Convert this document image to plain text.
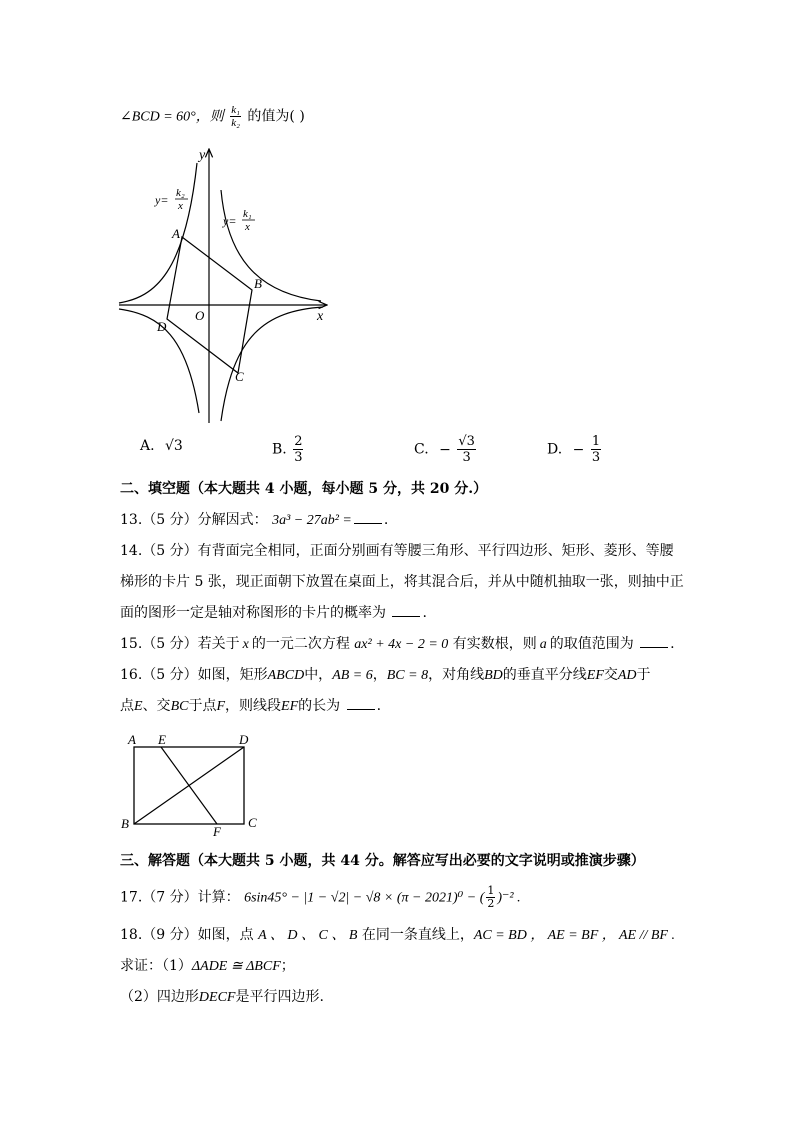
∠BCD = 60°，则 $\frac{\text{k₁}}{\text{k₂}}$ 的值为( )
y
x
O
A
B
C
D
y= k₂
x
y= k₁
x
A. √3	B. $\frac{2}{3}$	C. − $\frac{√3}{3}$	D. − $\frac{1}{3}$
二、填空题（本大题共 4 小题，每小题 5 分，共 20 分.）
13.（5 分）分解因式： 3a³ − 27ab² = .
14.（5 分）有背面完全相同，正面分别画有等腰三角形、平行四边形、矩形、菱形、等腰
梯形的卡片 5 张，现正面朝下放置在桌面上，将其混合后，并从中随机抽取一张，则抽中正
面的图形一定是轴对称图形的卡片的概率为	.
15.（5 分）若关于 x 的一元二次方程 ax² + 4x − 2 = 0 有实数根，则 a 的取值范围为	.
16.（5 分）如图，矩形ABCD中，AB = 6，BC = 8，对角线BD的垂直平分线EF交AD于
点E、交BC于点F，则线段EF的长为	.
A E	D
B
F
C
三、解答题（本大题共 5 小题，共 44 分。解答应写出必要的文字说明或推演步骤）
17.（7 分）计算： 6sin45° − |1 − √2| − √8 × (π − 2021)⁰ − ( $\frac{1}{2} )^{-2}$ .
18.（9 分）如图，点 A 、 D 、 C 、 B 在同一条直线上，AC = BD ， AE = BF ， AE // BF .
求证：（1）ΔADE ≅ ΔBCF；
（2）四边形DECF是平行四边形.
